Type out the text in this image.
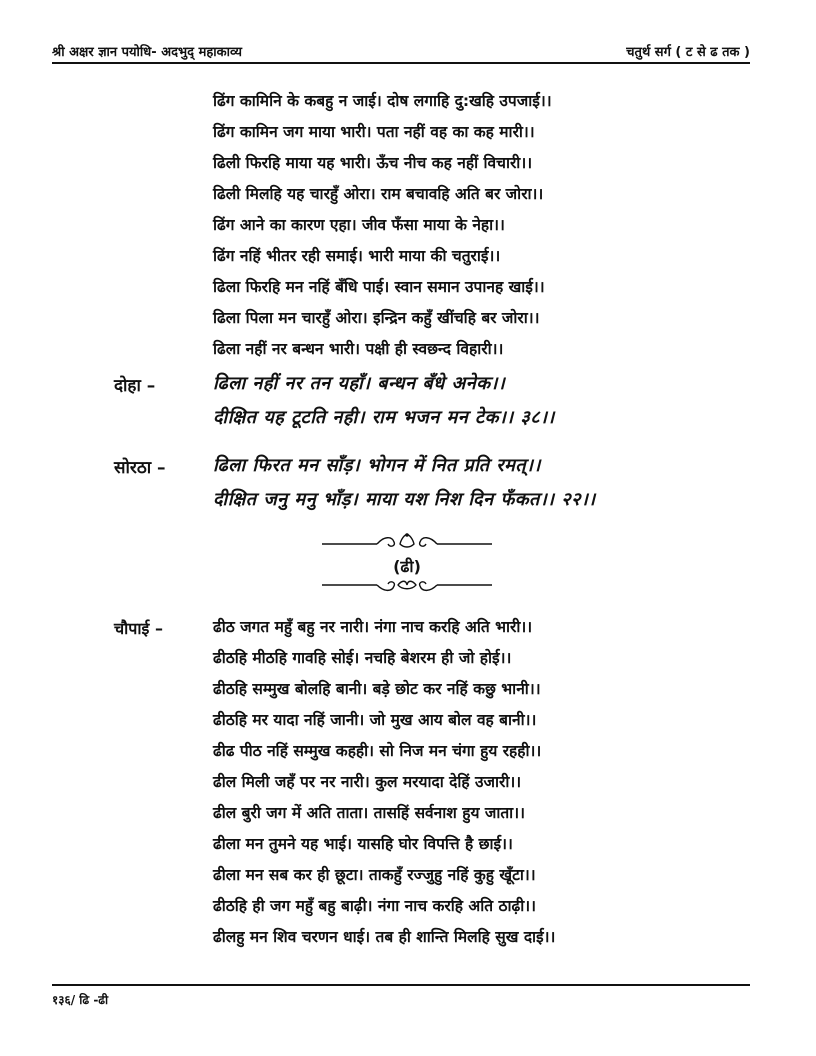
श्री अक्षर ज्ञान पयोधि- अदभुद् महाकाव्य	चतुर्थ सर्ग ( ट से ढ तक )
ढिंग कामिनि के कबहु न जाई। दोष लगाहि दु:खहि उपजाई।।
ढिंग कामिन जग माया भारी। पता नहीं वह का कह मारी।।
ढिली फिरहि माया यह भारी। ऊँच नीच कह नहीं विचारी।।
ढिली मिलहि यह चारहुँ ओरा। राम बचावहि अति बर जोरा।।
ढिंग आने का कारण एहा। जीव फँसा माया के नेहा।।
ढिंग नहिं भीतर रही समाई। भारी माया की चतुराई।।
ढिला फिरहि मन नहिं बँधि पाई। स्वान समान उपानह खाई।।
ढिला पिला मन चारहुँ ओरा। इन्द्रिन कहुँ खींचहि बर जोरा।।
ढिला नहीं नर बन्धन भारी। पक्षी ही स्वछन्द विहारी।।
दोहा –	ढिला नहीं नर तन यहाँ। बन्धन बँधे अनेक।।
दीक्षित यह टूटति नही। राम भजन मन टेक।। ३८।।
सोरठा –	ढिला फिरत मन साँड़। भोगन में नित प्रति रमत्।।
दीक्षित जनु मनु भाँड़। माया यश निश दिन फँकत।। २२।।
(ढी)
चौपाई –	ढीठ जगत महुँ बहु नर नारी। नंगा नाच करहि अति भारी।।
ढीठहि मीठहि गावहि सोई। नचहि बेशरम ही जो होई।।
ढीठहि सम्मुख बोलहि बानी। बड़े छोट कर नहिं कछु भानी।।
ढीठहि मर यादा नहिं जानी। जो मुख आय बोल वह बानी।।
ढीढ पीठ नहिं सम्मुख कहही। सो निज मन चंगा हुय रहही।।
ढील मिली जहँ पर नर नारी। कुल मरयादा देहिं उजारी।।
ढील बुरी जग में अति ताता। तासहिं सर्वनाश हुय जाता।।
ढीला मन तुमने यह भाई। यासहि घोर विपत्ति है छाई।।
ढीला मन सब कर ही छूटा। ताकहुँ रज्जुहु नहिं कुहु खूँटा।।
ढीठहि ही जग महुँ बहु बाढ़ी। नंगा नाच करहि अति ठाढ़ी।।
ढीलहु मन शिव चरणन धाई। तब ही शान्ति मिलहि सुख दाई।।
१३६/ ढि -ढी
